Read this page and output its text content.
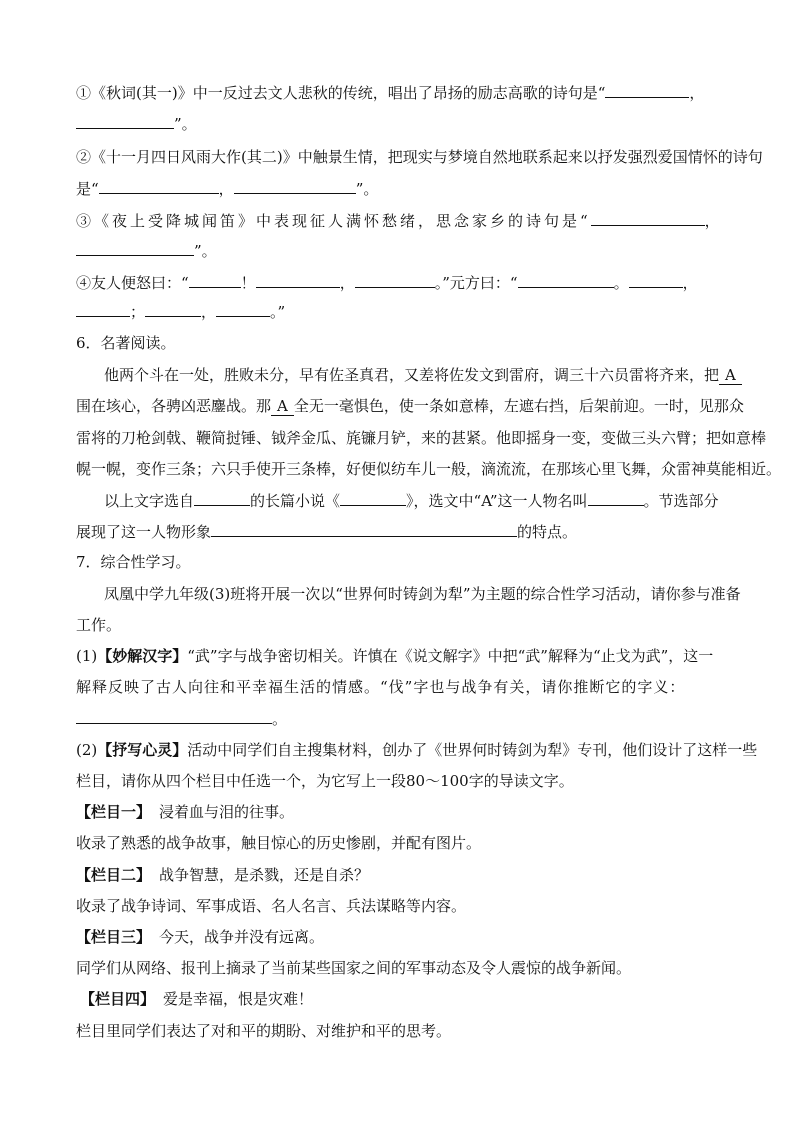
①《秋词(其一)》中一反过去文人悲秋的传统，唱出了昂扬的励志高歌的诗句是“	，
”。
②《十一月四日风雨大作(其二)》中触景生情，把现实与梦境自然地联系起来以抒发强烈爱国情怀的诗句
是“	，	”。
③《夜上受降城闻笛》中表现征人满怀愁绪，思念家乡的诗句是“	，
”。
④友人便怒曰：“	！	，	。”元方曰：“	。	，
；	，	。”
6．名著阅读。
他两个斗在一处，胜败未分，早有佐圣真君，又差将佐发文到雷府，调三十六员雷将齐来，把 A
围在垓心，各骋凶恶鏖战。那 A 全无一毫惧色，使一条如意棒，左遮右挡，后架前迎。一时，见那众
雷将的刀枪剑戟、鞭简挝锤、钺斧金瓜、旄镰月铲，来的甚紧。他即摇身一变，变做三头六臂；把如意棒
幌一幌，变作三条；六只手使开三条棒，好便似纺车儿一般，滴流流，在那垓心里飞舞，众雷神莫能相近。
以上文字选自	的长篇小说《	》，选文中“A”这一人物名叫	。节选部分
展现了这一人物形象	的特点。
7．综合性学习。
凤凰中学九年级(3)班将开展一次以“世界何时铸剑为犁”为主题的综合性学习活动，请你参与准备
工作。
(1)【妙解汉字】“武”字与战争密切相关。许慎在《说文解字》中把“武”解释为“止戈为武”，这一
解释反映了古人向往和平幸福生活的情感。“伐”字也与战争有关，请你推断它的字义：
。
(2)【抒写心灵】活动中同学们自主搜集材料，创办了《世界何时铸剑为犁》专刊，他们设计了这样一些
栏目，请你从四个栏目中任选一个，为它写上一段80～100字的导读文字。
【栏目一】 浸着血与泪的往事。
收录了熟悉的战争故事，触目惊心的历史惨剧，并配有图片。
【栏目二】 战争智慧，是杀戮，还是自杀？
收录了战争诗词、军事成语、名人名言、兵法谋略等内容。
【栏目三】 今天，战争并没有远离。
同学们从网络、报刊上摘录了当前某些国家之间的军事动态及令人震惊的战争新闻。
【栏目四】 爱是幸福，恨是灾难！
栏目里同学们表达了对和平的期盼、对维护和平的思考。
